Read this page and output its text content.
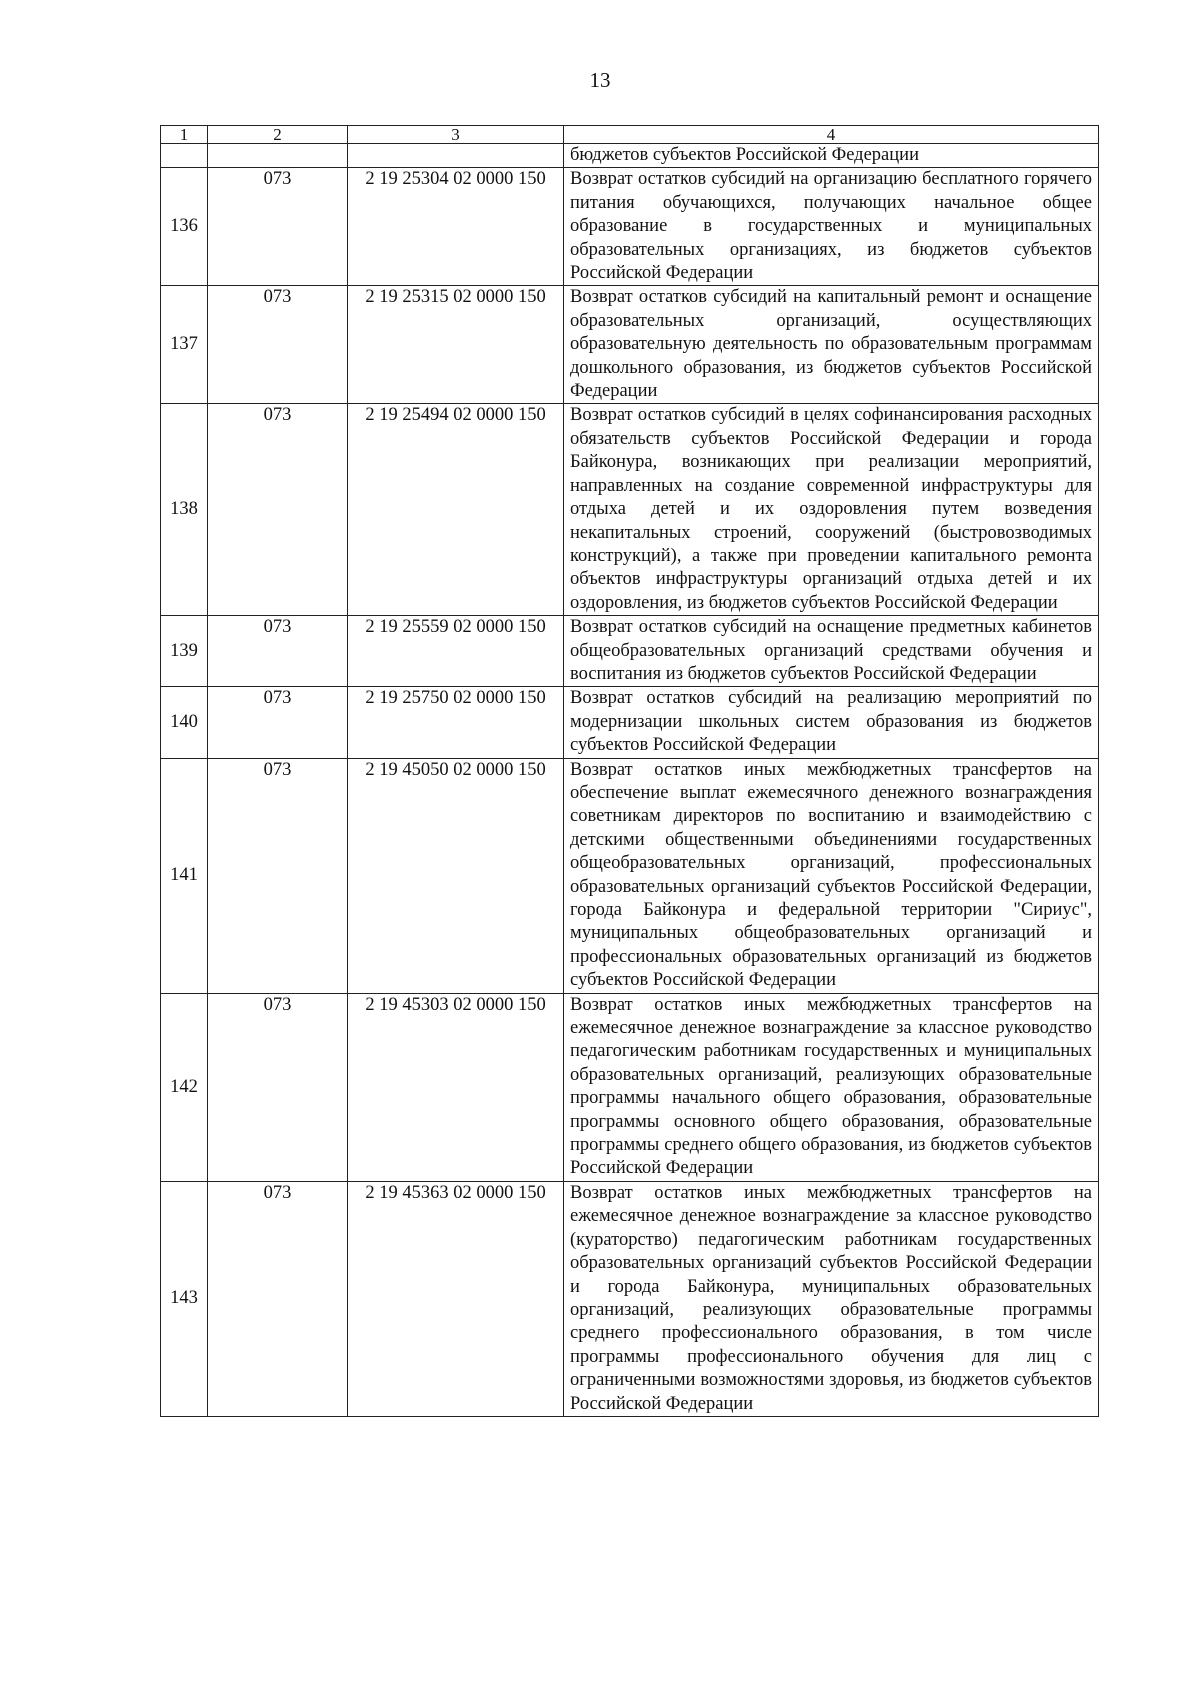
13
1	2	3	4
			бюджетов субъектов Российской Федерации
136	073	2 19 25304 02 0000 150	Возврат остатков субсидий на организацию бесплатного горячего питания обучающихся, получающих начальное общее образование в государственных и муниципальных образовательных организациях, из бюджетов субъектов Российской Федерации
137	073	2 19 25315 02 0000 150	Возврат остатков субсидий на капитальный ремонт и оснащение образовательных организаций, осуществляющих образовательную деятельность по образовательным программам дошкольного образования, из бюджетов субъектов Российской Федерации
138	073	2 19 25494 02 0000 150	Возврат остатков субсидий в целях софинансирования расходных обязательств субъектов Российской Федерации и города Байконура, возникающих при реализации мероприятий, направленных на создание современной инфраструктуры для отдыха детей и их оздоровления путем возведения некапитальных строений, сооружений (быстровозводимых конструкций), а также при проведении капитального ремонта объектов инфраструктуры организаций отдыха детей и их оздоровления, из бюджетов субъектов Российской Федерации
139	073	2 19 25559 02 0000 150	Возврат остатков субсидий на оснащение предметных кабинетов общеобразовательных организаций средствами обучения и воспитания из бюджетов субъектов Российской Федерации
140	073	2 19 25750 02 0000 150	Возврат остатков субсидий на реализацию мероприятий по модернизации школьных систем образования из бюджетов субъектов Российской Федерации
141	073	2 19 45050 02 0000 150	Возврат остатков иных межбюджетных трансфертов на обеспечение выплат ежемесячного денежного вознаграждения советникам директоров по воспитанию и взаимодействию с детскими общественными объединениями государственных общеобразовательных организаций, профессиональных образовательных организаций субъектов Российской Федерации, города Байконура и федеральной территории "Сириус", муниципальных общеобразовательных организаций и профессиональных образовательных организаций из бюджетов субъектов Российской Федерации
142	073	2 19 45303 02 0000 150	Возврат остатков иных межбюджетных трансфертов на ежемесячное денежное вознаграждение за классное руководство педагогическим работникам государственных и муниципальных образовательных организаций, реализующих образовательные программы начального общего образования, образовательные программы основного общего образования, образовательные программы среднего общего образования, из бюджетов субъектов Российской Федерации
143	073	2 19 45363 02 0000 150	Возврат остатков иных межбюджетных трансфертов на ежемесячное денежное вознаграждение за классное руководство (кураторство) педагогическим работникам государственных образовательных организаций субъектов Российской Федерации и города Байконура, муниципальных образовательных организаций, реализующих образовательные программы среднего профессионального образования, в том числе программы профессионального обучения для лиц с ограниченными возможностями здоровья, из бюджетов субъектов Российской Федерации
